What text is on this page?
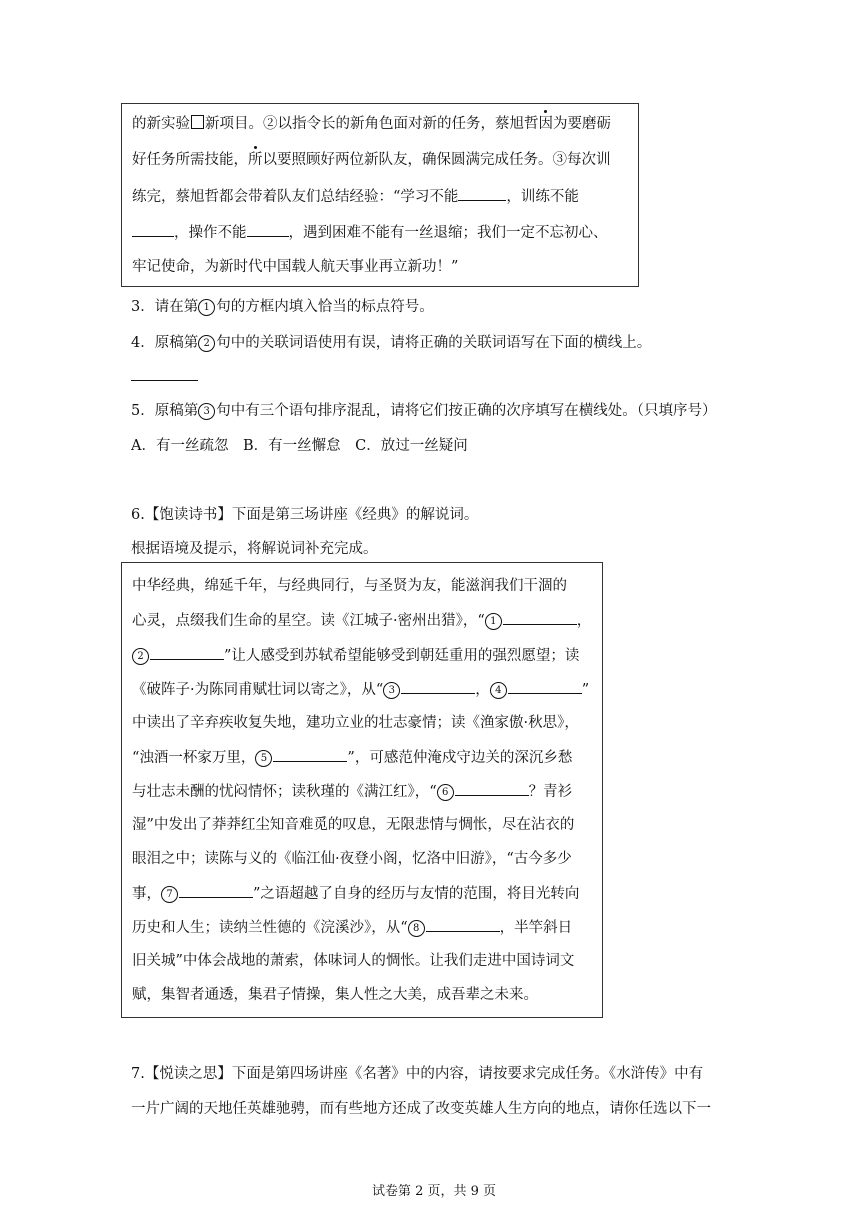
的新实验 新项目。②以指令长的新角色面对新的任务，蔡旭哲因为要磨砺
好任务所需技能，所以要照顾好两位新队友，确保圆满完成任务。③每次训
练完，蔡旭哲都会带着队友们总结经验：“学习不能	，训练不能
，操作不能	，遇到困难不能有一丝退缩；我们一定不忘初心、
牢记使命，为新时代中国载人航天事业再立新功！”
3．请在第 1 句的方框内填入恰当的标点符号。
4．原稿第 2 句中的关联词语使用有误，请将正确的关联词语写在下面的横线上。
5．原稿第 3 句中有三个语句排序混乱，请将它们按正确的次序填写在横线处。（只填序号）
A．有一丝疏忽　B．有一丝懈怠　C．放过一丝疑问
6.【饱读诗书】下面是第三场讲座《经典》的解说词。
根据语境及提示，将解说词补充完成。
中华经典，绵延千年，与经典同行，与圣贤为友，能滋润我们干涸的
心灵，点缀我们生命的星空。读《江城子·密州出猎》，“ 1	，
2	”让人感受到苏轼希望能够受到朝廷重用的强烈愿望；读
《破阵子·为陈同甫赋壮词以寄之》，从“ 3	， 4	”
中读出了辛弃疾收复失地，建功立业的壮志豪情；读《渔家傲·秋思》，
“浊酒一杯家万里， 5	”，可感范仲淹戍守边关的深沉乡愁
与壮志未酬的忧闷情怀；读秋瑾的《满江红》，“ 6	？青衫
湿”中发出了莽莽红尘知音难觅的叹息，无限悲情与惆怅，尽在沾衣的
眼泪之中；读陈与义的《临江仙·夜登小阁，忆洛中旧游》，“古今多少
事， 7	”之语超越了自身的经历与友情的范围，将目光转向
历史和人生；读纳兰性德的《浣溪沙》，从“ 8	，半竿斜日
旧关城”中体会战地的萧索，体味词人的惆怅。让我们走进中国诗词文
赋，集智者通透，集君子情操，集人性之大美，成吾辈之未来。
7.【悦读之思】下面是第四场讲座《名著》中的内容，请按要求完成任务。《水浒传》中有
一片广阔的天地任英雄驰骋，而有些地方还成了改变英雄人生方向的地点，请你任选以下一
试卷第 2 页，共 9 页
